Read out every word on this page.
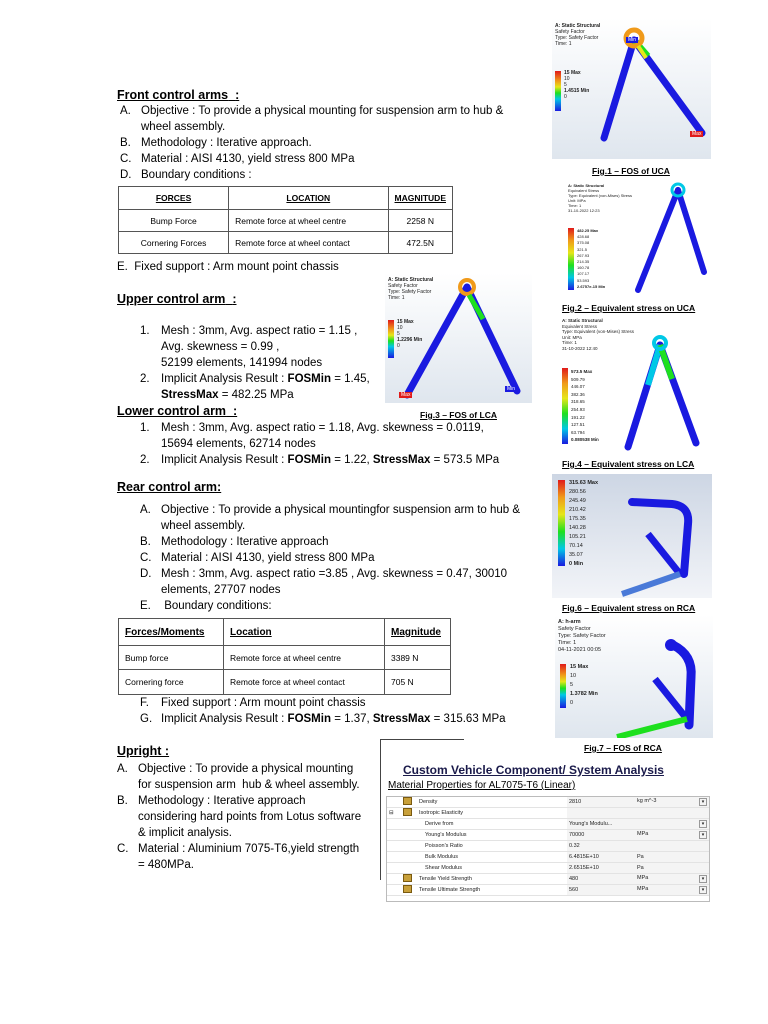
Front control arms :
A. Objective : To provide a physical mounting for suspension arm to hub &
wheel assembly.
B. Methodology : Iterative approach.
C. Material : AISI 4130, yield stress 800 MPa
D. Boundary conditions :
FORCES	LOCATION	MAGNITUDE
Bump Force	Remote force at wheel centre	2258 N
Cornering Forces	Remote force at wheel contact	472.5N
E. Fixed support : Arm mount point chassis
Upper control arm :
1. Mesh : 3mm, Avg. aspect ratio = 1.15 ,
Avg. skewness = 0.99 ,
52199 elements, 141994 nodes
2. Implicit Analysis Result : FOSMin = 1.45,
StressMax = 482.25 MPa
Lower control arm :
1. Mesh : 3mm, Avg. aspect ratio = 1.18, Avg. skewness = 0.0119,
15694 elements, 62714 nodes
2. Implicit Analysis Result : FOSMin = 1.22, StressMax = 573.5 MPa
Rear control arm:
A. Objective : To provide a physical mountingfor suspension arm to hub &
wheel assembly.
B. Methodology : Iterative approach
C. Material : AISI 4130, yield stress 800 MPa
D. Mesh : 3mm, Avg. aspect ratio =3.85 , Avg. skewness = 0.47, 30010
elements, 27707 nodes
E. Boundary conditions:
Forces/Moments	Location	Magnitude
Bump force	Remote force at wheel centre	3389 N
Cornering force	Remote force at wheel contact	705 N
F. Fixed support : Arm mount point chassis
G. Implicit Analysis Result : FOSMin = 1.37, StressMax = 315.63 MPa
Upright :
A. Objective : To provide a physical mounting
for suspension arm  hub & wheel assembly.
B. Methodology : Iterative approach
considering hard points from Lotus software
& implicit analysis.
C. Material : Aluminium 7075-T6,yield strength
= 480MPa.
A: Static Structural
Safety Factor
Type: Safety Factor
Time: 1
15 Max
10
5
1.4515 Min
0
Min
Max
Fig.1 – FOS of UCA
A: Static Structural
Equivalent Stress
Type: Equivalent (von-Mises) Stress
Unit: MPa
Time: 1
31-10-2022 12:23
482.25 Max
428.68
375.08
321.5
267.93
214.35
160.78
107.17
53.593
2.6757e-15 Min
Fig.2 – Equivalent stress on UCA
A: Static Structural
Safety Factor
Type: Safety Factor
Time: 1
15 Max
10
5
1.2296 Min
0
Max
Min
Fig.3 – FOS of LCA
A: Static Structural
Equivalent Stress
Type: Equivalent (von-Mises) Stress
Unit: MPa
Time: 1
31-10-2022 12:40
573.5 Max
509.79
446.07
382.36
318.65
254.93
191.22
127.51
63.794
0.080538 Min
Fig.4 – Equivalent stress on LCA
315.63 Max
280.56
245.49
210.42
175.35
140.28
105.21
70.14
35.07
0 Min
Fig.6 – Equivalent stress on RCA
A: h-arm
Safety Factor
Type: Safety Factor
Time: 1
04-11-2021 00:05
15 Max
10
5
1.3782 Min
0
Fig.7 – FOS of RCA
Custom Vehicle Component/ System Analysis
Material Properties for AL7075-T6 (Linear)
		Density	2810	kg m^-3 ▾

⊟		Isotropic Elasticity		
		Derive from	Young's Modulu...	▾

		Young's Modulus	70000	MPa ▾

		Poisson's Ratio	0.32	
		Bulk Modulus	6.4815E+10	Pa
		Shear Modulus	2.6515E+10	Pa
		Tensile Yield Strength	480	MPa ▾

		Tensile Ultimate Strength	560	MPa ▾
